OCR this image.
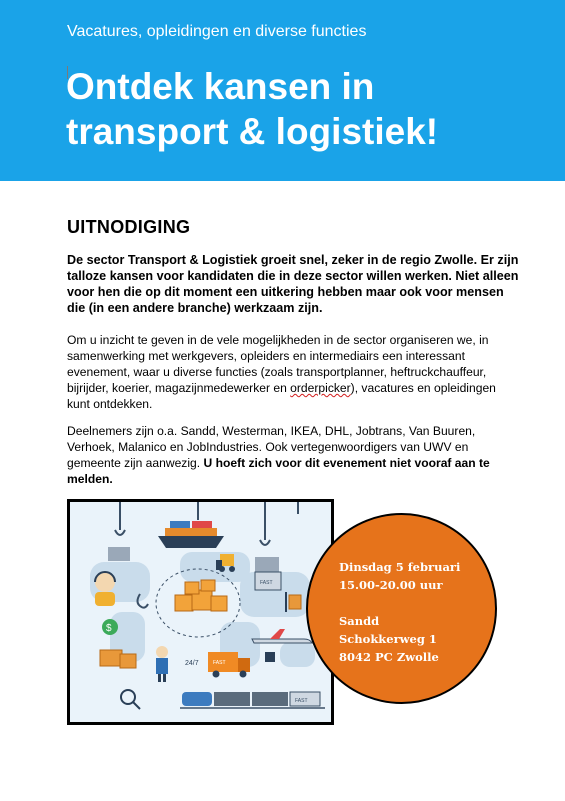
Vacatures, opleidingen en diverse functies
Ontdek kansen in transport & logistiek!
UITNODIGING
De sector Transport & Logistiek groeit snel, zeker in de regio Zwolle. Er zijn talloze kansen voor kandidaten die in deze sector willen werken. Niet alleen voor hen die op dit moment een uitkering hebben maar ook voor mensen die (in een andere branche) werkzaam zijn.
Om u inzicht te geven in de vele mogelijkheden in de sector organiseren we, in samenwerking met werkgevers, opleiders en intermediairs een interessant evenement, waar u diverse functies (zoals transportplanner, heftruckchauffeur, bijrijder, koerier, magazijnmedewerker en orderpicker), vacatures en opleidingen kunt ontdekken.
Deelnemers zijn o.a. Sandd, Westerman, IKEA, DHL, Jobtrans, Van Buuren, Verhoek, Malanico en JobIndustries. Ook vertegenwoordigers van UWV en gemeente zijn aanwezig. U hoeft zich voor dit evenement niet vooraf aan te melden.
FAST
$
24/7	FAST
FAST
Dinsdag 5 februari
15.00-20.00 uur
Sandd
Schokkerweg 1
8042 PC Zwolle
